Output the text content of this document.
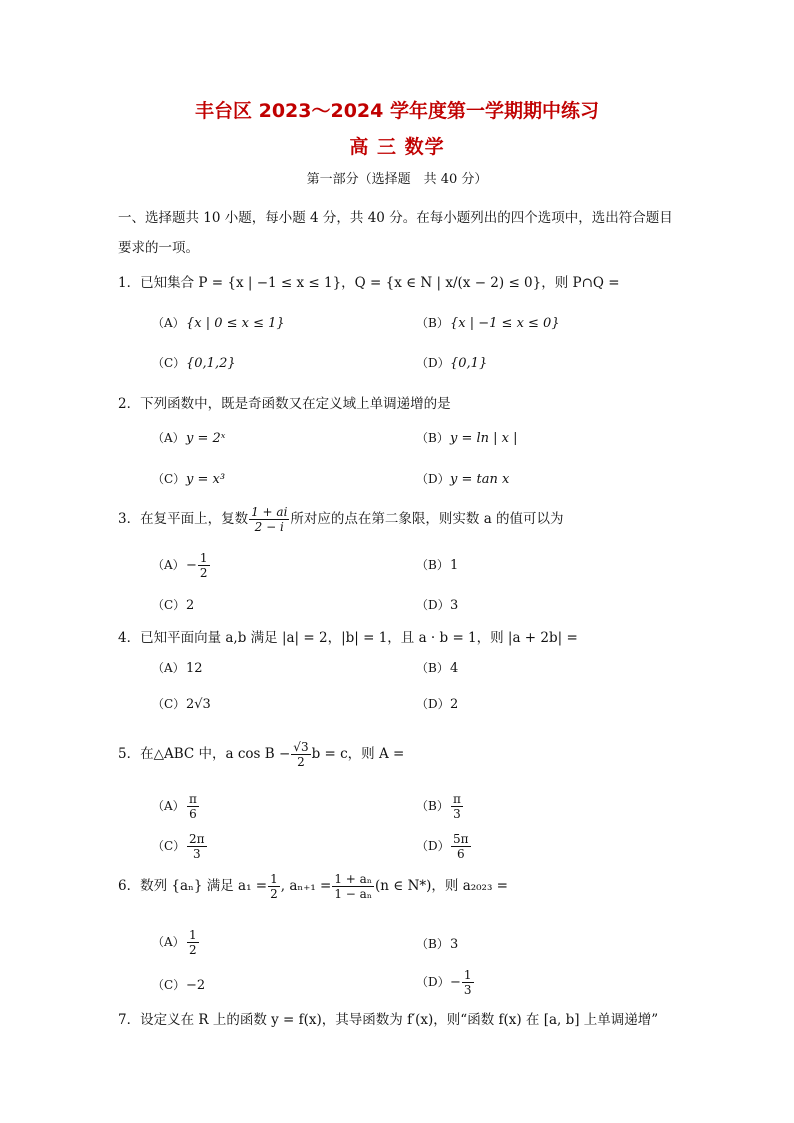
丰台区 2023～2024 学年度第一学期期中练习
高 三 数学
第一部分（选择题　共 40 分）
一、选择题共 10 小题，每小题 4 分，共 40 分。在每小题列出的四个选项中，选出符合题目
要求的一项。
1．已知集合 P = {x | −1 ≤ x ≤ 1}，Q = {x ∈ N | x/(x − 2) ≤ 0}，则 P∩Q =
（A）{x | 0 ≤ x ≤ 1}	（B）{x | −1 ≤ x ≤ 0}
（C）{0,1,2}	（D）{0,1}
2．下列函数中，既是奇函数又在定义域上单调递增的是
（A）y = 2ˣ	（B）y = ln | x |
（C）y = x³	（D）y = tan x
3．在复平面上，复数 $\frac{1 + ai}{2 - i}$ 所对应的点在第二象限，则实数 a 的值可以为
$(A)- \frac{1}{2}$	（B）1
（C）2	（D）3
4．已知平面向量 a,b 满足 |a| = 2，|b| = 1，且 a · b = 1，则 |a + 2b| =
（A）12	（B）4
（C）2√3	（D）2
5．在△ABC 中，a $\cos B - \frac{√3}{2}$ b = c，则 A =
$(A) \frac{\pi}{6}$	$(B) \frac{\pi}{3}$
$(C) \frac{2\pi}{3}$	$(D) \frac{5\pi}{6}$
6．数列 {aₙ} 满足 $a_1 = \frac{1}{2}$ , $a_{n+1} = \frac{\text{1 + aₙ}}{\text{1 − aₙ}} (n$ ∈ N*)，则 a₂₀₂₃ =
$(A) \frac{1}{2}$	（B）3
（C）−2	$(D)- \frac{1}{3}$
7．设定义在 R 上的函数 y = f(x)，其导函数为 f′(x)，则“函数 f(x) 在 [a, b] 上单调递增”
